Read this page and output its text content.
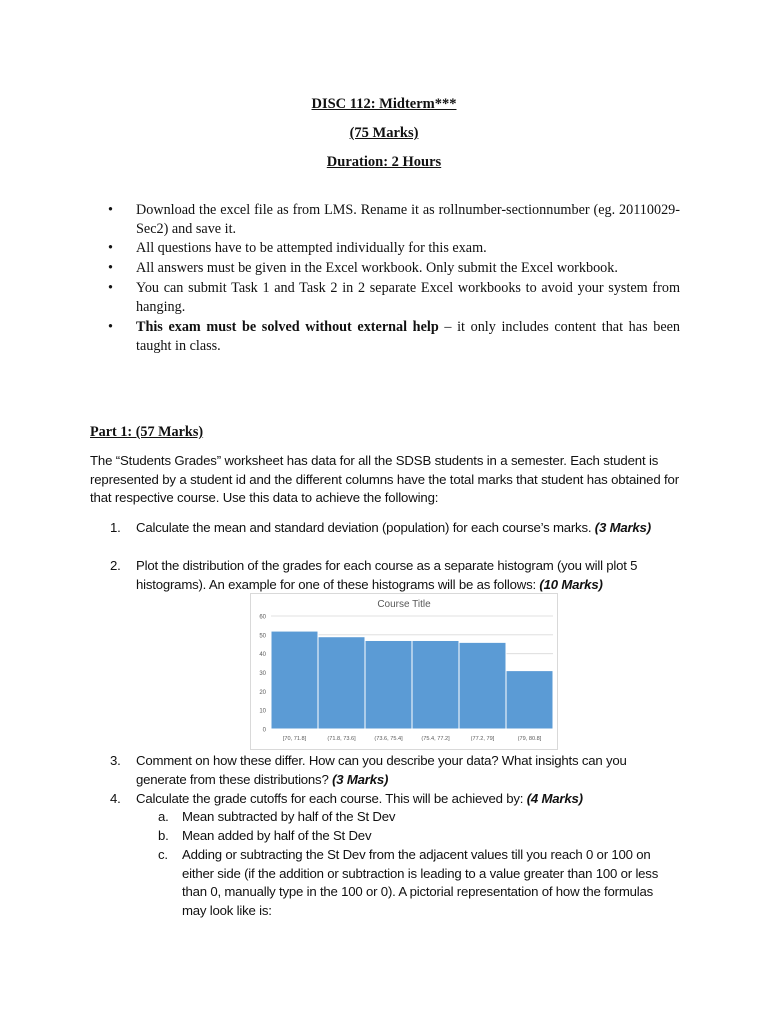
DISC 112: Midterm***
(75 Marks)
Duration: 2 Hours
• Download the excel file as from LMS. Rename it as rollnumber-sectionnumber (eg. 20110029-Sec2) and save it.
• All questions have to be attempted individually for this exam.
• All answers must be given in the Excel workbook. Only submit the Excel workbook.
• You can submit Task 1 and Task 2 in 2 separate Excel workbooks to avoid your system from hanging.
• This exam must be solved without external help – it only includes content that has been taught in class.
Part 1: (57 Marks)
The “Students Grades” worksheet has data for all the SDSB students in a semester. Each student is represented by a student id and the different columns have the total marks that student has obtained for that respective course. Use this data to achieve the following:
1. Calculate the mean and standard deviation (population) for each course’s marks. (3 Marks)
2. Plot the distribution of the grades for each course as a separate histogram (you will plot 5 histograms). An example for one of these histograms will be as follows: (10 Marks)
Course Title
0
10
20
30
40
50
60
[70, 71.8]	(71.8, 73.6]	(73.6, 75.4]	(75.4, 77.2]	(77.2, 79]	(79, 80.8]
3. Comment on how these differ. How can you describe your data? What insights can you generate from these distributions? (3 Marks)
4. Calculate the grade cutoffs for each course. This will be achieved by: (4 Marks)
a. Mean subtracted by half of the St Dev
b. Mean added by half of the St Dev
c. Adding or subtracting the St Dev from the adjacent values till you reach 0 or 100 on either side (if the addition or subtraction is leading to a value greater than 100 or less than 0, manually type in the 100 or 0). A pictorial representation of how the formulas may look like is:
